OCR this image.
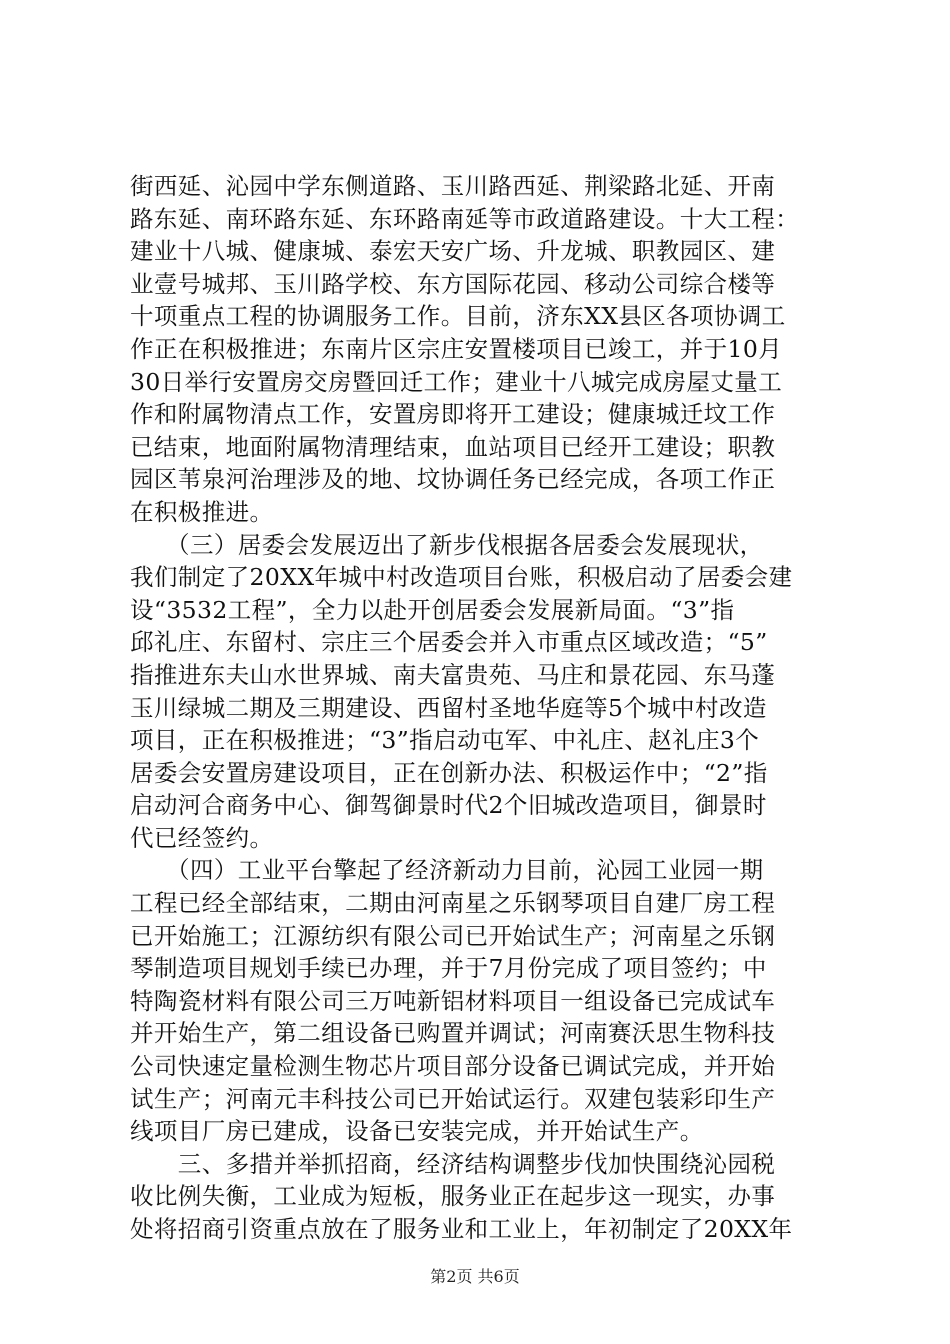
街西延、沁园中学东侧道路、玉川路西延、荆梁路北延、开南
路东延、南环路东延、东环路南延等市政道路建设。十大工程：
建业十八城、健康城、泰宏天安广场、升龙城、职教园区、建
业壹号城邦、玉川路学校、东方国际花园、移动公司综合楼等
十项重点工程的协调服务工作。目前，济东XX县区各项协调工
作正在积极推进；东南片区宗庄安置楼项目已竣工，并于10月
30日举行安置房交房暨回迁工作；建业十八城完成房屋丈量工
作和附属物清点工作，安置房即将开工建设；健康城迁坟工作
已结束，地面附属物清理结束，血站项目已经开工建设；职教
园区苇泉河治理涉及的地、坟协调任务已经完成，各项工作正
在积极推进。
　　（三）居委会发展迈出了新步伐根据各居委会发展现状，
我们制定了20XX年城中村改造项目台账，积极启动了居委会建
设“3532工程”，全力以赴开创居委会发展新局面。“3”指
邱礼庄、东留村、宗庄三个居委会并入市重点区域改造；“5”
指推进东夫山水世界城、南夫富贵苑、马庄和景花园、东马蓬
玉川绿城二期及三期建设、西留村圣地华庭等5个城中村改造
项目，正在积极推进；“3”指启动屯军、中礼庄、赵礼庄3个
居委会安置房建设项目，正在创新办法、积极运作中；“2”指
启动河合商务中心、御驾御景时代2个旧城改造项目，御景时
代已经签约。
　　（四）工业平台擎起了经济新动力目前，沁园工业园一期
工程已经全部结束，二期由河南星之乐钢琴项目自建厂房工程
已开始施工；江源纺织有限公司已开始试生产；河南星之乐钢
琴制造项目规划手续已办理，并于7月份完成了项目签约；中
特陶瓷材料有限公司三万吨新铝材料项目一组设备已完成试车
并开始生产，第二组设备已购置并调试；河南赛沃思生物科技
公司快速定量检测生物芯片项目部分设备已调试完成，并开始
试生产；河南元丰科技公司已开始试运行。双建包装彩印生产
线项目厂房已建成，设备已安装完成，并开始试生产。
　　三、多措并举抓招商，经济结构调整步伐加快围绕沁园税
收比例失衡，工业成为短板，服务业正在起步这一现实，办事
处将招商引资重点放在了服务业和工业上，年初制定了20XX年
第2页 共6页
